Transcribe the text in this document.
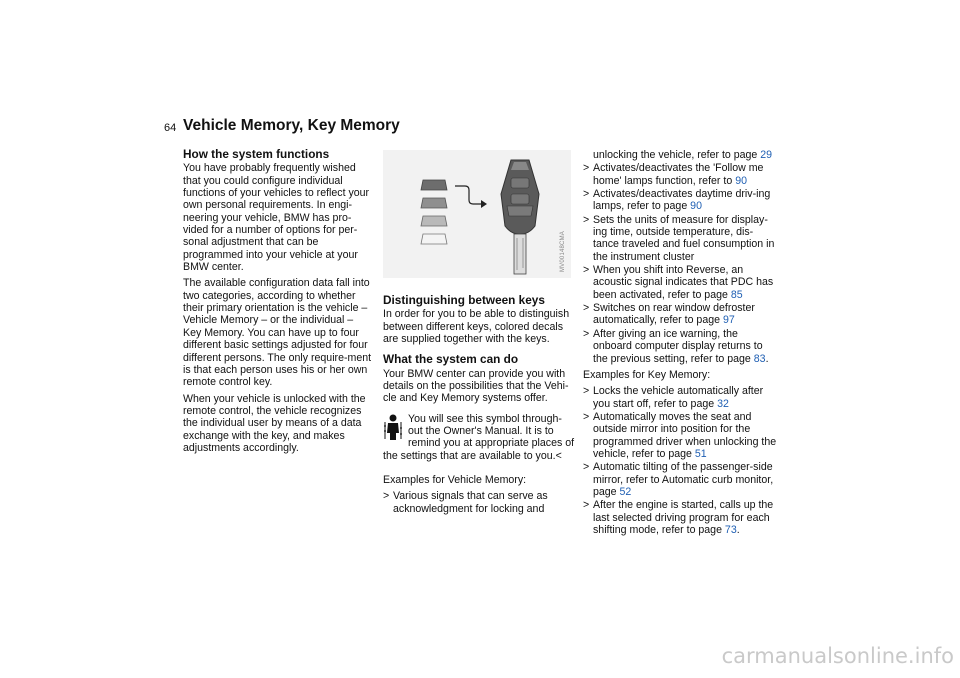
64 Vehicle Memory, Key Memory
How the system functions

You have probably frequently wished that you could configure individual functions of your vehicles to reflect your own personal requirements. In engi-neering your vehicle, BMW has pro-vided for a number of options for per-sonal adjustment that can be programmed into your vehicle at your BMW center.

The available configuration data fall into two categories, according to whether their primary orientation is the vehicle – Vehicle Memory – or the individual – Key Memory. You can have up to four different basic settings adjusted for four different persons. The only require-ment is that each person uses his or her own remote control key.

When your vehicle is unlocked with the remote control, the vehicle recognizes the individual user by means of a data exchange with the key, and makes adjustments accordingly.

MV00148CMA
Distinguishing between keys

In order for you to be able to distinguish between different keys, colored decals are supplied together with the keys.

What the system can do

Your BMW center can provide you with details on the possibilities that the Vehi-cle and Key Memory systems offer.

You will see this symbol through-out the Owner's Manual. It is to remind you at appropriate places of the settings that are available to you.<

Examples for Vehicle Memory:

> Various signals that can serve as acknowledgment for locking and
unlocking the vehicle, refer to page 29
> Activates/deactivates the 'Follow me home' lamps function, refer to 90
> Activates/deactivates daytime driv-ing lamps, refer to page 90
> Sets the units of measure for display-ing time, outside temperature, dis-tance traveled and fuel consumption in the instrument cluster
> When you shift into Reverse, an acoustic signal indicates that PDC has been activated, refer to page 85
> Switches on rear window defroster automatically, refer to page 97
> After giving an ice warning, the onboard computer display returns to the previous setting, refer to page 83.

Examples for Key Memory:

> Locks the vehicle automatically after you start off, refer to page 32
> Automatically moves the seat and outside mirror into position for the programmed driver when unlocking the vehicle, refer to page 51
> Automatic tilting of the passenger-side mirror, refer to Automatic curb monitor, page 52
> After the engine is started, calls up the last selected driving program for each shifting mode, refer to page 73.
carmanualsonline.info
